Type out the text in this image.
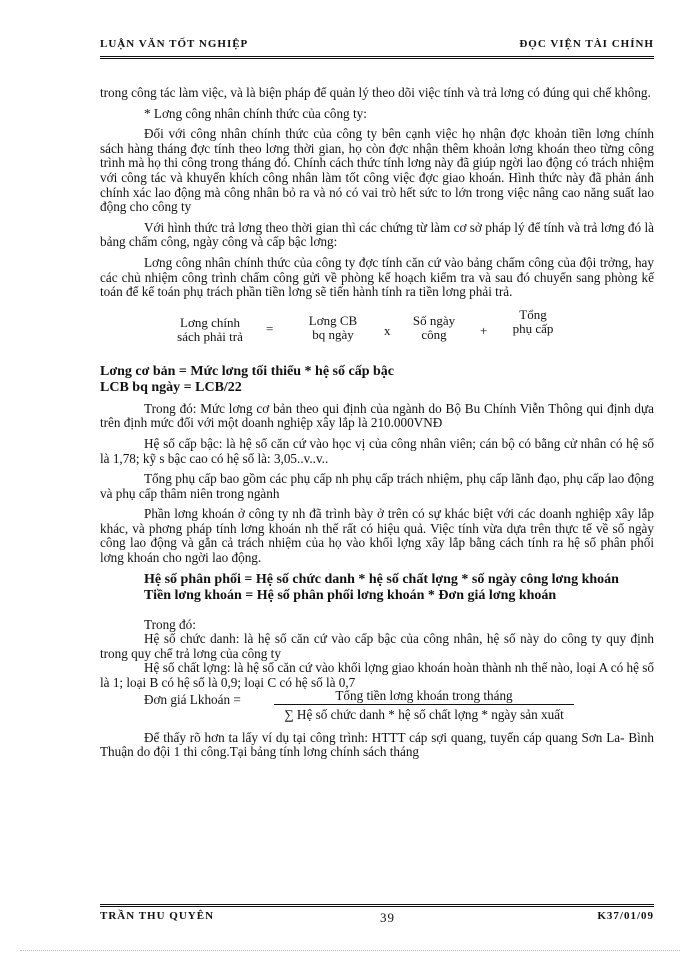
LUẬN VĂN TỐT NGHIỆP	ĐỌC VIỆN TÀI CHÍNH

trong công tác làm việc, và là biện pháp để quản lý theo dõi việc tính và trả lơng có đúng qui chế không.

* Lơng công nhân chính thức của công ty:

Đối với công nhân chính thức của công ty bên cạnh việc họ nhận đợc khoản tiền lơng chính sách hàng tháng đợc tính theo lơng thời gian, họ còn đợc nhận thêm khoản lơng khoán theo từng công trình mà họ thi công trong tháng đó. Chính cách thức tính lơng này đã giúp ngời lao động có trách nhiệm với công tác và khuyến khích công nhân làm tốt công việc đợc giao khoán. Hình thức này đã phản ánh chính xác lao động mà công nhân bỏ ra và nó có vai trò hết sức to lớn trong việc nâng cao năng suất lao động cho công ty

Với hình thức trả lơng theo thời gian thì các chứng từ làm cơ sở pháp lý để tính và trả lơng đó là bảng chấm công, ngày công và cấp bậc lơng:

Lơng công nhân chính thức của công ty đợc tính căn cứ vào bảng chấm công của đội trởng, hay các chủ nhiệm công trình chấm công gửi về phòng kế hoạch kiểm tra và sau đó chuyển sang phòng kế toán để kế toán phụ trách phần tiền lơng sẽ tiến hành tính ra tiền lơng phải trả.

Lơng chính
sách phải trả
=
Lơng CB
bq ngày	x
Số ngày
công	+
Tổng
phụ cấp
Lơng cơ bản = Mức lơng tối thiểu * hệ số cấp bậc
LCB bq ngày = LCB/22

Trong đó: Mức lơng cơ bản theo qui định của ngành do Bộ Bu Chính Viễn Thông qui định dựa trên định mức đối với một doanh nghiệp xây lắp là 210.000VNĐ

Hệ số cấp bậc: là hệ số căn cứ vào học vị của công nhân viên; cán bộ có bằng cử nhân có hệ số là 1,78; kỹ s bậc cao có hệ số là: 3,05..v..v..

Tổng phụ cấp bao gồm các phụ cấp nh phụ cấp trách nhiệm, phụ cấp lãnh đạo, phụ cấp lao động và phụ cấp thâm niên trong ngành

Phần lơng khoán ở công ty nh đã trình bày ở trên có sự khác biệt với các doanh nghiệp xây lắp khác, và phơng pháp tính lơng khoán nh thế rất có hiệu quả. Việc tính vừa dựa trên thực tế về số ngày công lao động và gắn cả trách nhiệm của họ vào khối lợng xây lắp bằng cách tính ra hệ số phân phối lơng khoán cho ngời lao động.

Hệ số phân phối = Hệ số chức danh * hệ số chất lợng * số ngày công lơng khoán
Tiền lơng khoán = Hệ số phân phối lơng khoán * Đơn giá lơng khoán

Trong đó:

Hệ số chức danh: là hệ số căn cứ vào cấp bậc của công nhân, hệ số này do công ty quy định trong quy chế trả lơng của công ty

Hệ số chất lợng: là hệ số căn cứ vào khối lợng giao khoán hoàn thành nh thế nào, loại A có hệ số là 1; loại B có hệ số là 0,9; loại C có hệ số là 0,7

Đơn giá Lkhoán =	Tổng tiền lơng khoán trong tháng
∑ Hệ số chức danh * hệ số chất lợng * ngày sản xuất

Để thấy rõ hơn ta lấy ví dụ tại công trình: HTTT cáp sợi quang, tuyến cáp quang Sơn La- Bình Thuận do đội 1 thi công.Tại bảng tính lơng chính sách tháng

TRẦN THU QUYÊN	39	K37/01/09
